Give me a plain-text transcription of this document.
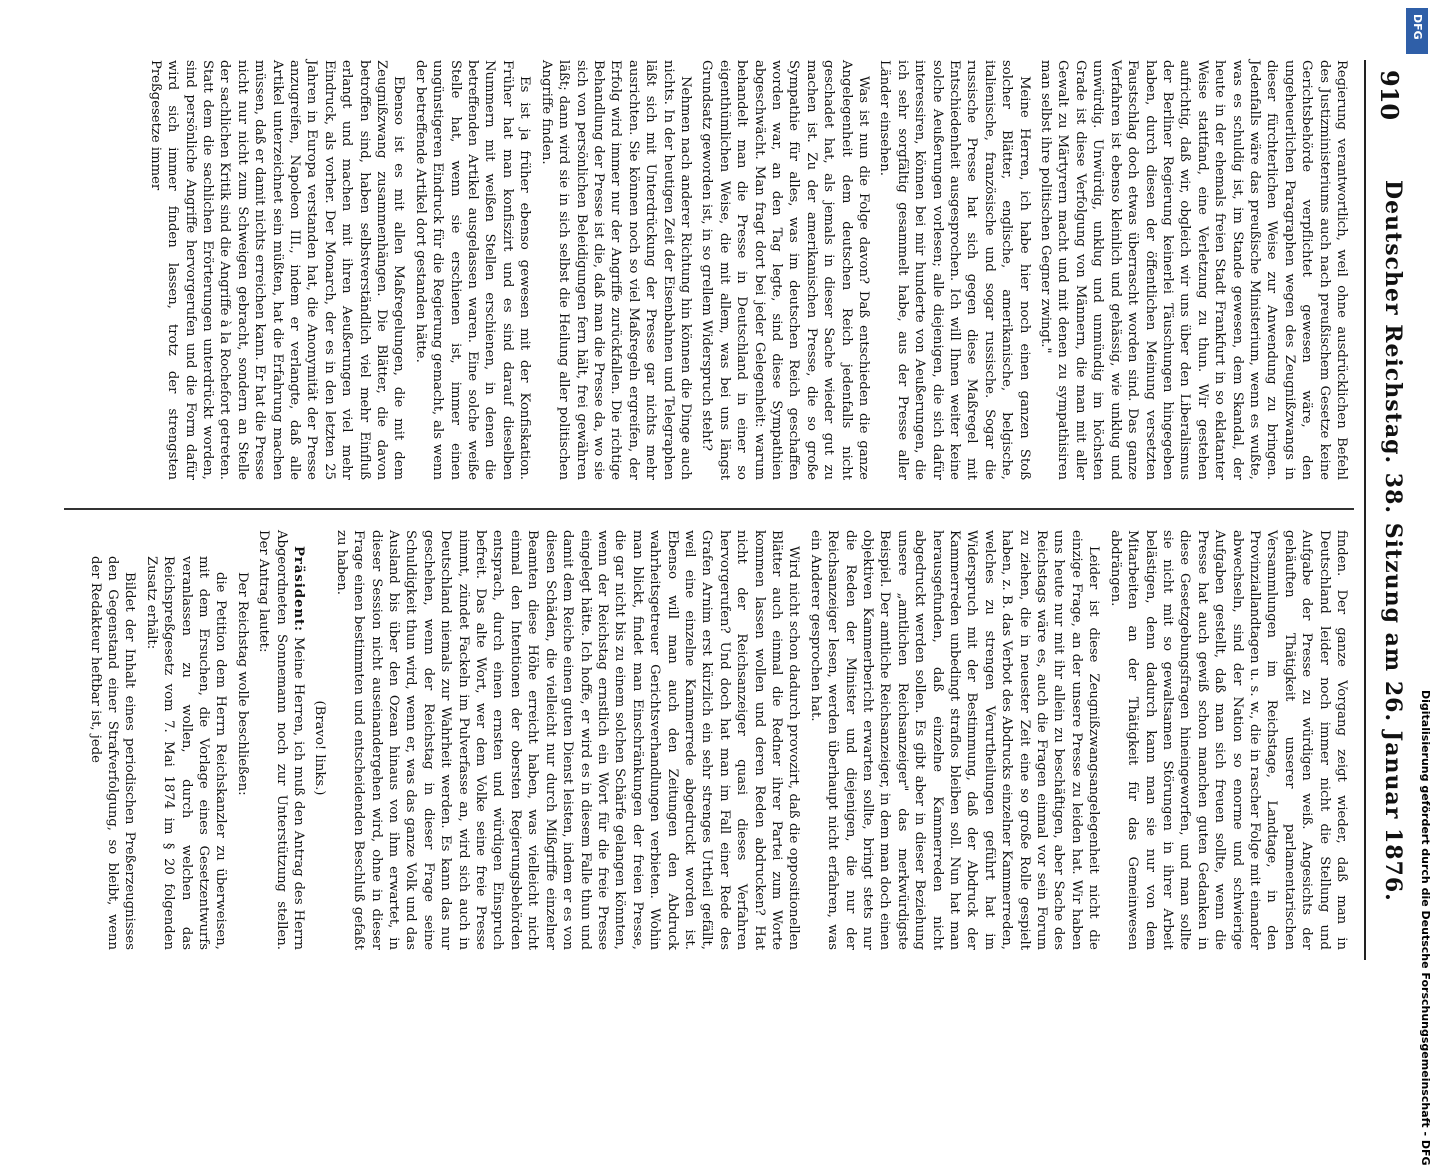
910
Deutscher Reichstag. 38. Sitzung am 26. Januar 1876.

Regierung verantwortlich, weil ohne ausdrücklichen Befehl des Justizministeriums auch nach preußischem Gesetze keine Gerichtsbehörde verpflichtet gewesen wäre, den ungeheuerlichen Paragraphen wegen des Zeugnißzwangs in dieser fürchterlichen Weise zur Anwendung zu bringen. Jedenfalls wäre das preußische Ministerium, wenn es wußte, was es schuldig ist, im Stande gewesen, dem Skandal, der heute in der ehemals freien Stadt Frankfurt in so eklatanter Weise stattfand, eine Verletzung zu thun. Wir gestehen aufrichtig, daß wir, obgleich wir uns über den Liberalismus der Berliner Regierung keinerlei Täuschungen hingegeben haben, durch diesen der öffentlichen Meinung versetzten Faustschlag doch etwas überrascht worden sind. Das ganze Verfahren ist ebenso kleinlich und gehässig, wie unklug und unwürdig. Unwürdig, unklug und unmündig im höchsten Grade ist diese Verfolgung von Männern, die man mit aller Gewalt zu Märtyrern macht und mit denen zu sympathisiren man selbst ihre politischen Gegner zwingt."

Meine Herren, ich habe hier noch einen ganzen Stoß solcher Blätter, englische, amerikanische, belgische, italienische, französische und sogar russische. Sogar die russische Presse hat sich gegen diese Maßregel mit Entschiedenheit ausgesprochen. Ich will Ihnen weiter keine solche Aeußerungen vorlesen; alle diejenigen, die sich dafür interessiren, können bei mir hunderte von Aeußerungen, die ich sehr sorgfältig gesammelt habe, aus der Presse aller Länder einsehen.

Was ist nun die Folge davon? Daß entschieden die ganze Angelegenheit dem deutschen Reich jedenfalls nicht geschadet hat, als jemals in dieser Sache wieder gut zu machen ist. Zu der amerikanischen Presse, die so große Sympathie für alles, was im deutschen Reich geschaffen worden war, an den Tag legte, sind diese Sympathien abgeschwächt. Man fragt dort bei jeder Gelegenheit: warum behandelt man die Presse in Deutschland in einer so eigenthümlichen Weise, die mit allem, was bei uns längst Grundsatz geworden ist, in so grellem Widerspruch steht?

Nehmen nach anderer Richtung hin können die Dinge auch nichts. In der heutigen Zeit der Eisenbahnen und Telegraphen läßt sich mit Unterdrückung der Presse gar nichts mehr ausrichten. Sie können noch so viel Maßregeln ergreifen, der Erfolg wird immer nur der Angriffe zurückfallen. Die richtige Behandlung der Presse ist die, daß man die Presse da, wo sie sich von persönlichen Beleidigungen fern hält, frei gewähren läßt; dann wird sie in sich selbst die Heilung aller politischen Angriffe finden.

Es ist ja früher ebenso gewesen mit der Konfiskation. Früher hat man konfiszirt und es sind darauf dieselben Nummern mit weißen Stellen erschienen, in denen die betreffenden Artikel ausgelassen waren. Eine solche weiße Stelle hat, wenn sie erschienen ist, immer einen ungünstigeren Eindruck für die Regierung gemacht, als wenn der betreffende Artikel dort gestanden hätte.

Ebenso ist es mit allen Maßregelungen, die mit dem Zeugnißzwang zusammenhängen. Die Blätter, die davon betroffen sind, haben selbstverständlich viel mehr Einfluß erlangt und machen mit ihren Aeußerungen viel mehr Eindruck, als vorher. Der Monarch, der es in den letzten 25 Jahren in Europa verstanden hat, die Anonymität der Presse anzugreifen, Napoleon III., indem er verlangte, daß alle Artikel unterzeichnet sein müßten, hat die Erfahrung machen müssen, daß er damit nichts erreichen kann. Er hat die Presse nicht nur nicht zum Schweigen gebracht, sondern an Stelle der sachlichen Kritik sind die Angriffe à la Rochefort getreten. Statt dem die sachlichen Erörterungen unterdrückt worden, sind persönliche Angriffe hervorgerufen und die Form dafür wird sich immer finden lassen, trotz der strengsten Preßgesetze immer

finden. Der ganze Vorgang zeigt wieder, daß man in Deutschland leider noch immer nicht die Stellung und Aufgabe der Presse zu würdigen weiß. Angesichts der gehäuften Thätigkeit unserer parlamentarischen Versammlungen im Reichstage, Landtage, in den Provinziallandtagen u. s. w., die in rascher Folge mit einander abwechseln, sind der Nation so enorme und schwierige Aufgaben gestellt, daß man sich freuen sollte, wenn die Presse hat auch gewiß schon manchen guten Gedanken in diese Gesetzgebungsfragen hineingeworfen, und man sollte sie nicht mit so gewaltsamen Störungen in ihrer Arbeit belästigen, denn dadurch kann man sie nur von dem Mitarbeiten an der Thätigkeit für das Gemeinwesen abdrängen.

Leider ist diese Zeugnißzwangsangelegenheit nicht die einzige Frage, an der unsere Presse zu leiden hat. Wir haben uns heute nur mit ihr allein zu beschäftigen, aber Sache des Reichstags wäre es, auch die Fragen einmal vor sein Forum zu ziehen, die in neuester Zeit eine so große Rolle gespielt haben, z. B. das Verbot des Abdrucks einzelner Kammerreden, welches zu strengen Verurtheilungen geführt hat im Widerspruch mit der Bestimmung, daß der Abdruck der Kammerreden unbedingt straflos bleiben soll. Nun hat man herausgefunden, daß einzelne Kammerreden nicht abgedruckt werden sollen. Es gibt aber in dieser Beziehung unsere „amtlichen Reichsanzeiger" das merkwürdigste Beispiel. Der amtliche Reichsanzeiger, in dem man doch einen objektiven Kammerbericht erwarten sollte, bringt stets nur die Reden der Minister und diejenigen, die nur der Reichsanzeiger lesen, werden überhaupt nicht erfahren, was ein Anderer gesprochen hat.

Wird nicht schon dadurch provozirt, daß die oppositionellen Blätter auch einmal die Redner ihrer Partei zum Worte kommen lassen wollen und deren Reden abdrucken? Hat nicht der Reichsanzeiger quasi dieses Verfahren hervorgerufen? Und doch hat man im Fall einer Rede des Grafen Arnim erst kürzlich ein sehr strenges Urtheil gefällt, weil eine einzelne Kammerrede abgedruckt worden ist. Ebenso will man auch den Zeitungen den Abdruck wahrheitsgetreuer Gerichtsverhandlungen verbieten. Wohin man blickt, findet man Einschränkungen der freien Presse, die gar nicht bis zu einem solchen Schärfe gelangen könnten, wenn der Reichstag ernstlich ein Wort für die freie Presse eingelegt hätte. Ich hoffe, er wird es in diesem Falle thun und damit dem Reiche einen guten Dienst leisten, indem er es von diesen Schäden, die vielleicht nur durch Mißgriffe einzelner Beamten diese Höhe erreicht haben, was vielleicht nicht einmal den Intentionen der obersten Regierungsbehörden entsprach, durch einen ernsten und würdigen Einspruch befreit. Das alte Wort, wer dem Volke seine freie Presse nimmt, zündet Fackeln im Pulverfasse an, wird sich auch in Deutschland niemals zur Wahrheit werden. Es kann das nur geschehen, wenn der Reichstag in dieser Frage seine Schuldigkeit thun wird, wenn er, was das ganze Volk und das Ausland bis über den Ozean hinaus von ihm erwartet, in dieser Session nicht auseinandergehen wird, ohne in dieser Frage einen bestimmten und entscheidenden Beschluß gefaßt zu haben.

(Bravo! links.)

Präsident: Meine Herren, ich muß den Antrag des Herrn Abgeordneten Sonnemann noch zur Unterstützung stellen. Der Antrag lautet:

Der Reichstag wolle beschließen:

die Petition dem Herrn Reichskanzler zu überweisen, mit dem Ersuchen, die Vorlage eines Gesetzentwurfs veranlassen zu wollen, durch welchen das Reichspreßgesetz vom 7. Mai 1874 im § 20 folgenden Zusatz erhält:

Bildet der Inhalt eines periodischen Preßerzeugnisses den Gegenstand einer Strafverfolgung, so bleibt, wenn der Redakteur heftbar ist, jede

DFG
Digitalisierung gefördert durch die Deutsche Forschungsgemeinschaft - DFG
